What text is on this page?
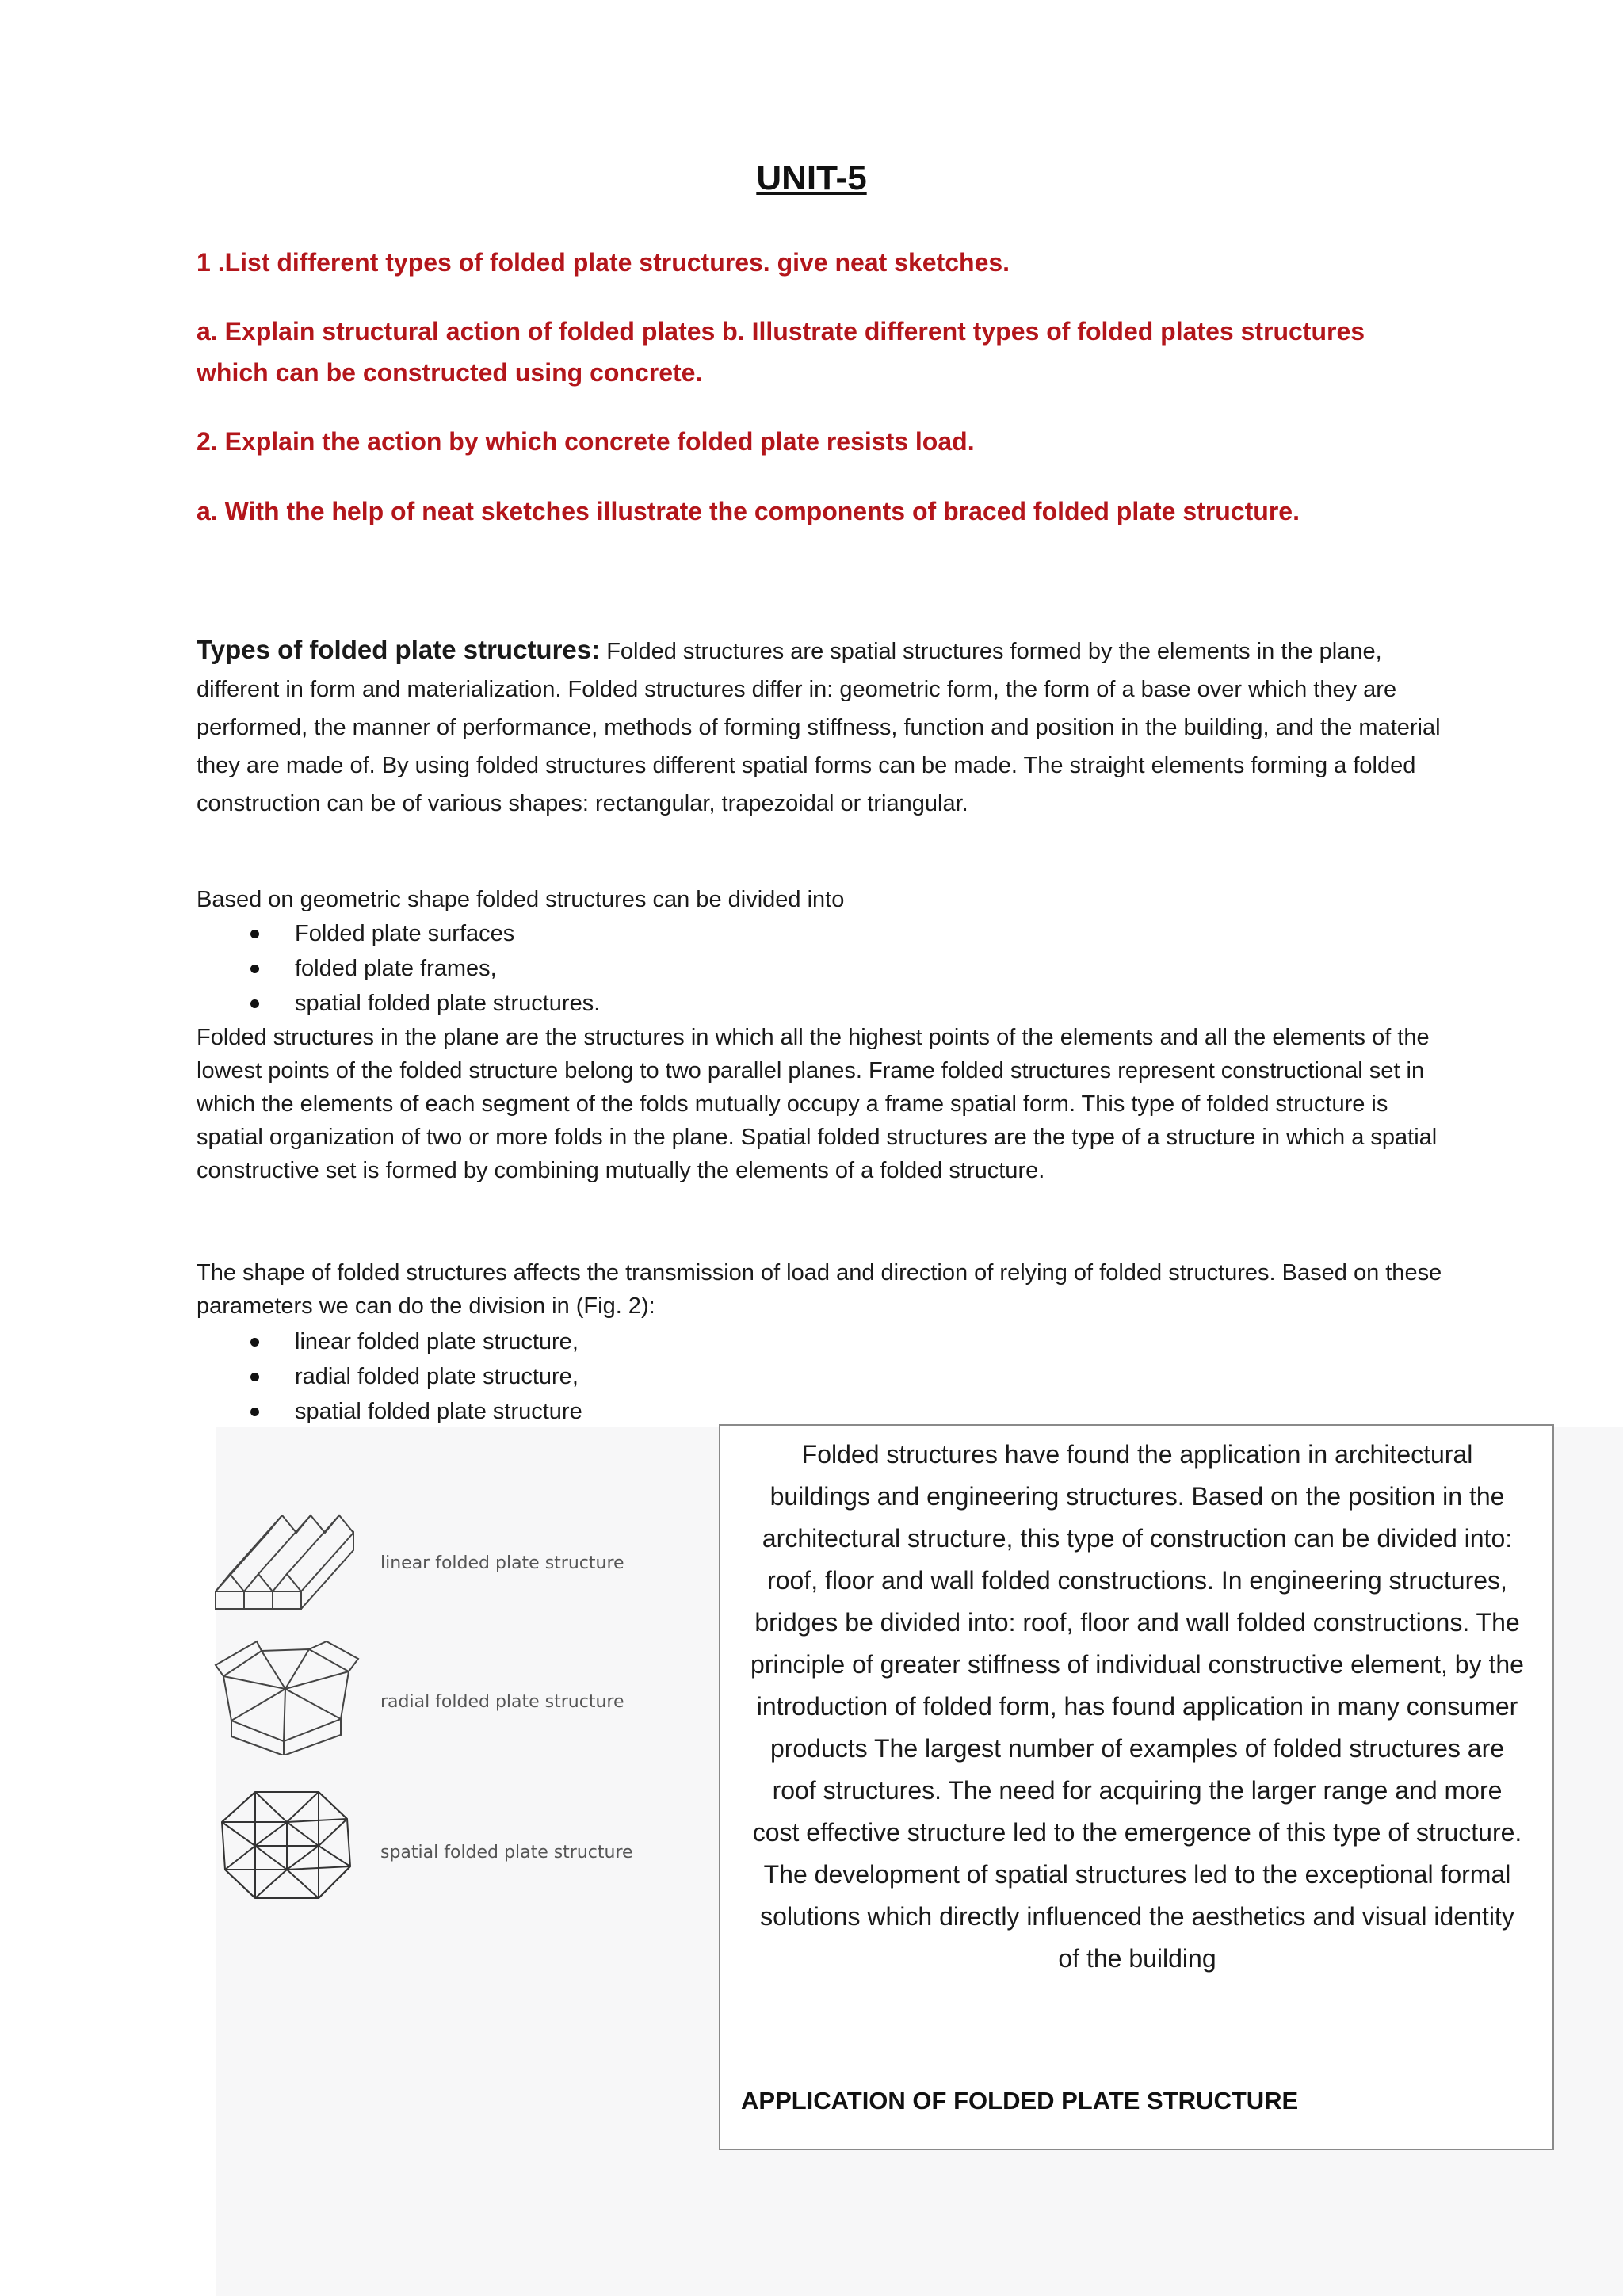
UNIT-5
1 .List different types of folded plate structures. give neat sketches.
a. Explain structural action of folded plates b. Illustrate different types of folded plates structures which can be constructed using concrete.
2. Explain the action by which concrete folded plate resists load.
a. With the help of neat sketches illustrate the components of braced folded plate structure.
Types of folded plate structures: Folded structures are spatial structures formed by the elements in the plane, different in form and materialization. Folded structures differ in: geometric form, the form of a base over which they are performed, the manner of performance, methods of forming stiffness, function and position in the building, and the material they are made of. By using folded structures different spatial forms can be made. The straight elements forming a folded construction can be of various shapes: rectangular, trapezoidal or triangular.
Based on geometric shape folded structures can be divided into
Folded plate surfaces
folded plate frames,
spatial folded plate structures.
Folded structures in the plane are the structures in which all the highest points of the elements and all the elements of the lowest points of the folded structure belong to two parallel planes. Frame folded structures represent constructional set in which the elements of each segment of the folds mutually occupy a frame spatial form. This type of folded structure is spatial organization of two or more folds in the plane. Spatial folded structures are the type of a structure in which a spatial constructive set is formed by combining mutually the elements of a folded structure.
The shape of folded structures affects the transmission of load and direction of relying of folded structures. Based on these parameters we can do the division in (Fig. 2):
linear folded plate structure,
radial folded plate structure,
spatial folded plate structure
linear folded plate structure
radial folded plate structure
spatial folded plate structure
Folded structures have found the application in architectural buildings and engineering structures. Based on the position in the architectural structure, this type of construction can be divided into: roof, floor and wall folded constructions. In engineering structures, bridges be divided into: roof, floor and wall folded constructions. The principle of greater stiffness of individual constructive element, by the introduction of folded form, has found application in many consumer products The largest number of examples of folded structures are roof structures. The need for acquiring the larger range and more cost effective structure led to the emergence of this type of structure. The development of spatial structures led to the exceptional formal solutions which directly influenced the aesthetics and visual identity of the building
APPLICATION OF FOLDED PLATE STRUCTURE
